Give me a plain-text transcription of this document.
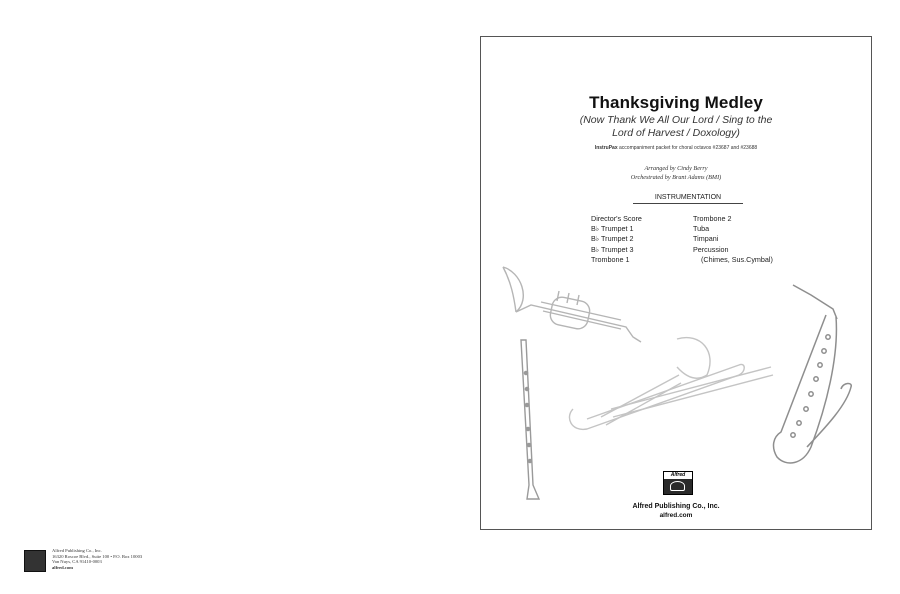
Alfred Publishing Co., Inc.
16320 Roscoe Blvd., Suite 100 • P.O. Box 10003
Van Nuys, CA 91410-0003
alfred.com
Thanksgiving Medley
(Now Thank We All Our Lord / Sing to the
Lord of Harvest / Doxology)
InstruPax accompaniment packet for choral octavos #23687 and #23688
Arranged by Cindy Berry
Orchestrated by Brant Adams (BMI)
INSTRUMENTATION
Director's Score
B♭ Trumpet 1
B♭ Trumpet 2
B♭ Trumpet 3
Trombone 1
Trombone 2
Tuba
Timpani
Percussion
(Chimes, Sus.Cymbal)
Alfred
Alfred Publishing Co., Inc.
alfred.com
